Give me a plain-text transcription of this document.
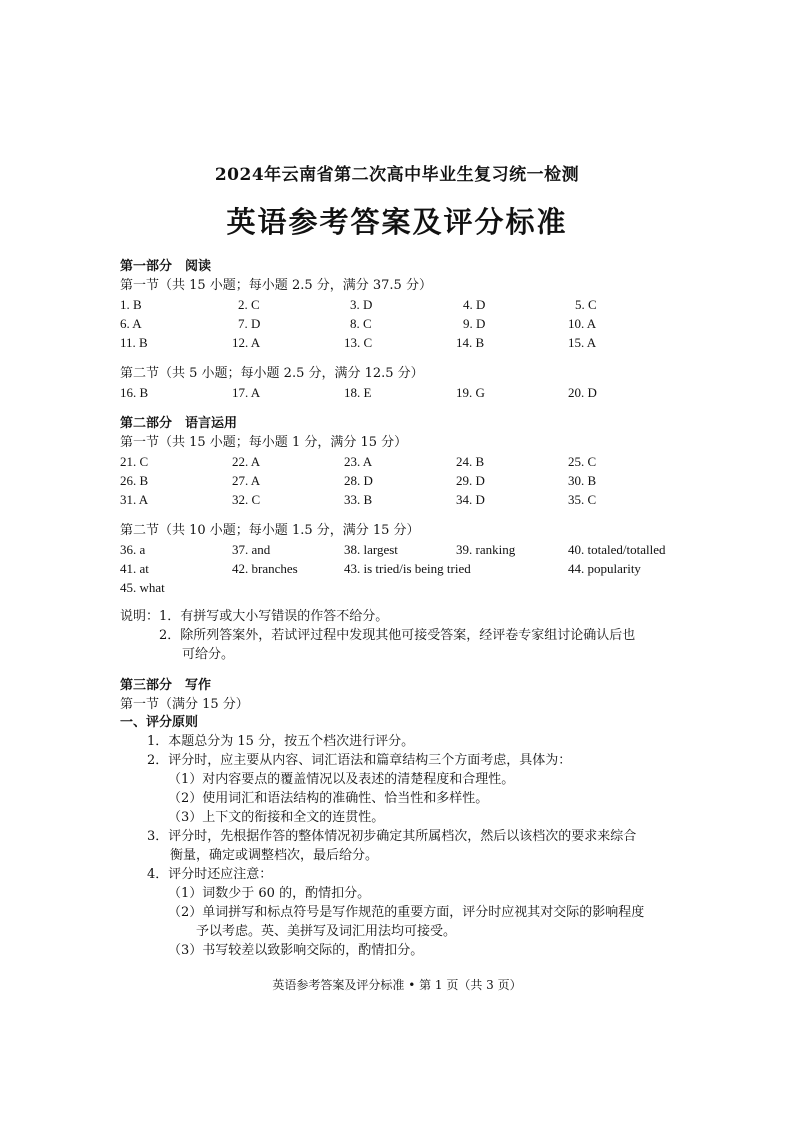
2024年云南省第二次高中毕业生复习统一检测
英语参考答案及评分标准
第一部分　阅读
第一节（共 15 小题；每小题 2.5 分，满分 37.5 分）
1. B	2. C	3. D	4. D	5. C
6. A	7. D	8. C	9. D	10. A
11. B	12. A	13. C	14. B	15. A
第二节（共 5 小题；每小题 2.5 分，满分 12.5 分）
16. B	17. A	18. E	19. G	20. D
第二部分　语言运用
第一节（共 15 小题；每小题 1 分，满分 15 分）
21. C	22. A	23. A	24. B	25. C
26. B	27. A	28. D	29. D	30. B
31. A	32. C	33. B	34. D	35. C
第二节（共 10 小题；每小题 1.5 分，满分 15 分）
36. a	37. and	38. largest	39. ranking	40. totaled/totalled
41. at	42. branches	43. is tried/is being tried	44. popularity
45. what
说明：1．有拼写或大小写错误的作答不给分。
2．除所列答案外，若试评过程中发现其他可接受答案，经评卷专家组讨论确认后也
可给分。
第三部分　写作
第一节（满分 15 分）
一、评分原则
1．本题总分为 15 分，按五个档次进行评分。
2．评分时，应主要从内容、词汇语法和篇章结构三个方面考虑，具体为：
（1）对内容要点的覆盖情况以及表述的清楚程度和合理性。
（2）使用词汇和语法结构的准确性、恰当性和多样性。
（3）上下文的衔接和全文的连贯性。
3．评分时，先根据作答的整体情况初步确定其所属档次，然后以该档次的要求来综合
衡量，确定或调整档次，最后给分。
4．评分时还应注意：
（1）词数少于 60 的，酌情扣分。
（2）单词拼写和标点符号是写作规范的重要方面，评分时应视其对交际的影响程度
予以考虑。英、美拼写及词汇用法均可接受。
（3）书写较差以致影响交际的，酌情扣分。
英语参考答案及评分标准 • 第 1 页（共 3 页）
